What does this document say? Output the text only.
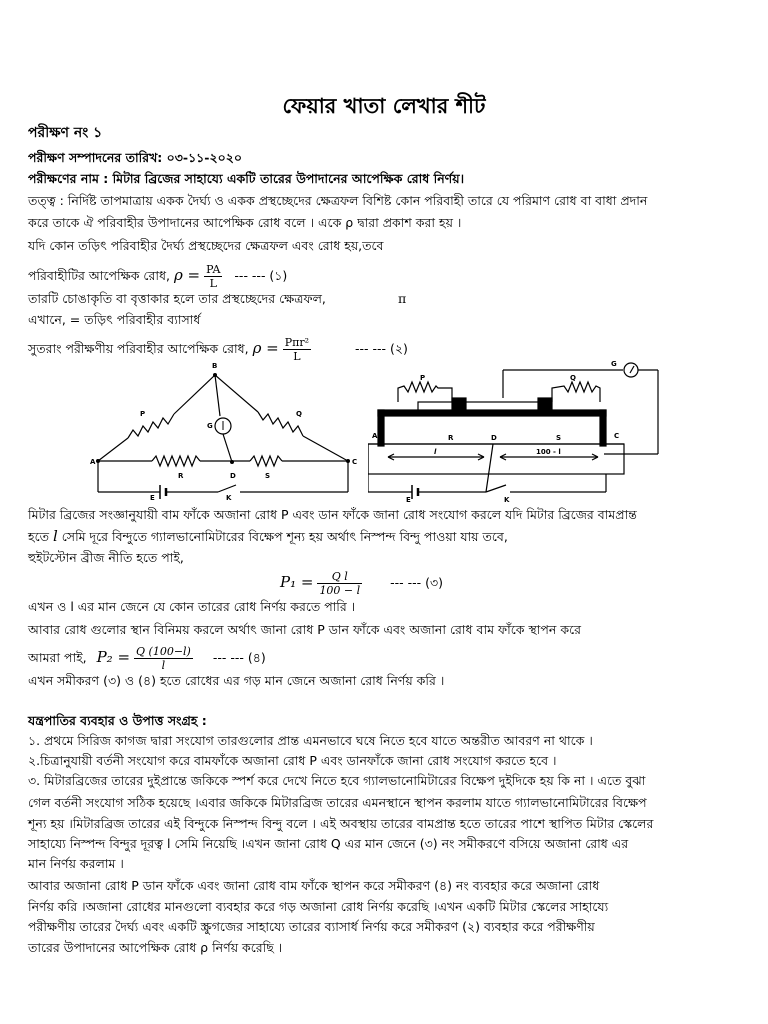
ফেয়ার খাতা লেখার শীট
পরীক্ষণ নং ১
পরীক্ষণ সম্পাদনের তারিখ: ০৩-১১-২০২০
পরীক্ষণের নাম : মিটার ব্রিজের সাহায্যে একটি তারের উপাদানের আপেক্ষিক রোধ নির্ণয়।
তত্ত্ব : নির্দিষ্ট তাপমাত্রায় একক দৈর্ঘ্য ও একক প্রস্থচ্ছেদের ক্ষেত্রফল বিশিষ্ট কোন পরিবাহী তারে যে পরিমাণ রোধ বা বাধা প্রদান
করে তাকে ঐ পরিবাহীর উপাদানের আপেক্ষিক রোধ বলে । একে ρ দ্বারা প্রকাশ করা হয় ।
যদি কোন তড়িৎ পরিবাহীর দৈর্ঘ্য প্রস্থচ্ছেদের ক্ষেত্রফল এবং রোধ হয়,তবে
পরিবাহীটির আপেক্ষিক রোধ, $\rho = \frac{PA}{L}$ --- --- (১)
তারটি চোঙাকৃতি বা বৃত্তাকার হলে তার প্রস্থচ্ছেদের ক্ষেত্রফল,	π
এখানে, = তড়িৎ পরিবাহীর ব্যাসার্ধ
সুতরাং পরীক্ষণীয় পরিবাহীর আপেক্ষিক রোধ, $\rho = \frac{\text{Pπr²}}{L}$	--- --- (২)
B
A	C
G
P	Q
R	D	S
E	K
A	C
P	Q
R	D	S
G
l	100 - l
E	K
মিটার ব্রিজের সংজ্ঞানুযায়ী বাম ফাঁকে অজানা রোধ P এবং ডান ফাঁকে জানা রোধ সংযোগ করলে যদি মিটার ব্রিজের বামপ্রান্ত
হতে l সেমি দূরে বিন্দুতে গ্যালভানোমিটারের বিক্ষেপ শূন্য হয় অর্থাৎ নিস্পন্দ বিন্দু পাওয়া যায় তবে,
হুইটস্টোন ব্রীজ নীতি হতে পাই,
$P_1 = \frac{\text{Q l}}{100 - l}$ --- --- (৩)
এখন ও l এর মান জেনে যে কোন তারের রোধ নির্ণয় করতে পারি ।
আবার রোধ গুলোর স্থান বিনিময় করলে অর্থাৎ জানা রোধ P ডান ফাঁকে এবং অজানা রোধ বাম ফাঁকে স্থাপন করে
আমরা পাই, $P_2 = \frac{Q (100-l)}{l}$ --- --- (৪)
এখন সমীকরণ (৩) ও (৪) হতে রোধের এর গড় মান জেনে অজানা রোধ নির্ণয় করি ।
যন্ত্রপাতির ব্যবহার ও উপাত্ত সংগ্রহ :
১. প্রথমে সিরিজ কাগজ দ্বারা সংযোগ তারগুলোর প্রান্ত এমনভাবে ঘষে নিতে হবে যাতে অন্তরীত আবরণ না থাকে ।
২.চিত্রানুযায়ী বর্তনী সংযোগ করে বামফাঁকে অজানা রোধ P এবং ডানফাঁকে জানা রোধ সংযোগ করতে হবে ।
৩. মিটারব্রিজের তারের দুইপ্রান্তে জকিকে স্পর্শ করে দেখে নিতে হবে গ্যালভানোমিটারের বিক্ষেপ দুইদিকে হয় কি না । এতে বুঝা
গেল বর্তনী সংযোগ সঠিক হয়েছে ।এবার জকিকে মিটারব্রিজ তারের এমনস্থানে স্থাপন করলাম যাতে গ্যালভানোমিটারের বিক্ষেপ
শূন্য হয় ।মিটারব্রিজ তারের এই বিন্দুকে নিস্পন্দ বিন্দু বলে । এই অবস্থায় তারের বামপ্রান্ত হতে তারের পাশে স্থাপিত মিটার স্কেলের
সাহায্যে নিস্পন্দ বিন্দুর দূরত্ব l সেমি নিয়েছি ।এখন জানা রোধ Q এর মান জেনে (৩) নং সমীকরণে বসিয়ে অজানা রোধ এর
মান নির্ণয় করলাম ।
আবার অজানা রোধ P ডান ফাঁকে এবং জানা রোধ বাম ফাঁকে স্থাপন করে সমীকরণ (৪) নং ব্যবহার করে অজানা রোধ
নির্ণয় করি ।অজানা রোধের মানগুলো ব্যবহার করে গড় অজানা রোধ নির্ণয় করেছি ।এখন একটি মিটার স্কেলের সাহায্যে
পরীক্ষণীয় তারের দৈর্ঘ্য এবং একটি স্ক্রুগজের সাহায্যে তারের ব্যাসার্ধ নির্ণয় করে সমীকরণ (২) ব্যবহার করে পরীক্ষণীয়
তারের উপাদানের আপেক্ষিক রোধ ρ নির্ণয় করেছি ।
